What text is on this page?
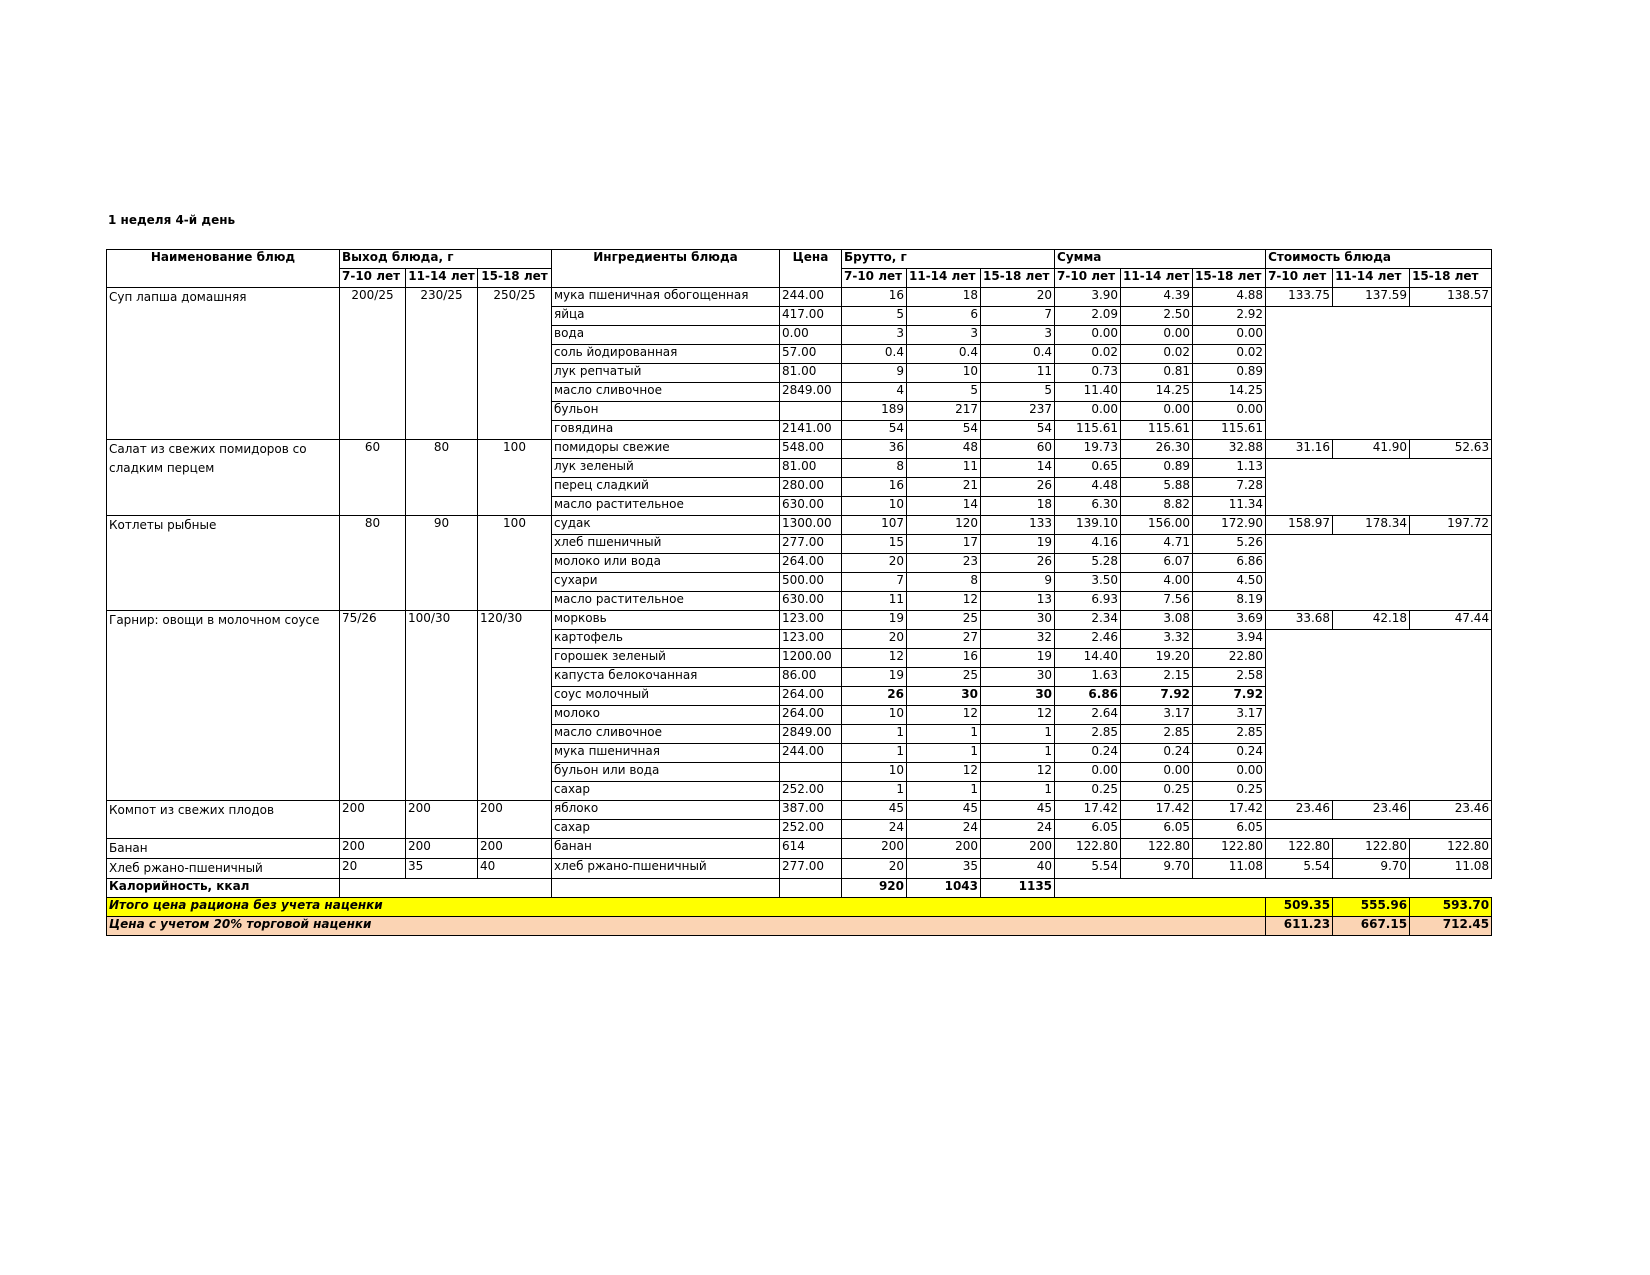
1 неделя 4-й день
Наименование блюд	Выход блюда, г			Ингредиенты блюда	Цена	Брутто, г			Сумма			Стоимость блюда		
	7-10 лет	11-14 лет	15-18 лет			7-10 лет	11-14 лет	15-18 лет	7-10 лет	11-14 лет	15-18 лет	7-10 лет	11-14 лет	15-18 лет
Суп лапша домашняя	200/25	230/25	250/25	мука пшеничная обогощенная	244.00	16	18	20	3.90	4.39	4.88	133.75	137.59	138.57
				яйца	417.00	5	6	7	2.09	2.50	2.92			
				вода	0.00	3	3	3	0.00	0.00	0.00			
				соль йодированная	57.00	0.4	0.4	0.4	0.02	0.02	0.02			
				лук репчатый	81.00	9	10	11	0.73	0.81	0.89			
				масло сливочное	2849.00	4	5	5	11.40	14.25	14.25			
				бульон		189	217	237	0.00	0.00	0.00			
				говядина	2141.00	54	54	54	115.61	115.61	115.61			
Салат из свежих помидоров со сладким перцем	60	80	100	помидоры свежие	548.00	36	48	60	19.73	26.30	32.88	31.16	41.90	52.63
				лук зеленый	81.00	8	11	14	0.65	0.89	1.13			
				перец сладкий	280.00	16	21	26	4.48	5.88	7.28			
				масло растительное	630.00	10	14	18	6.30	8.82	11.34			
Котлеты рыбные	80	90	100	судак	1300.00	107	120	133	139.10	156.00	172.90	158.97	178.34	197.72
				хлеб пшеничный	277.00	15	17	19	4.16	4.71	5.26			
				молоко или вода	264.00	20	23	26	5.28	6.07	6.86			
				сухари	500.00	7	8	9	3.50	4.00	4.50			
				масло растительное	630.00	11	12	13	6.93	7.56	8.19			
Гарнир: овощи в молочном соусе	75/26	100/30	120/30	морковь	123.00	19	25	30	2.34	3.08	3.69	33.68	42.18	47.44
				картофель	123.00	20	27	32	2.46	3.32	3.94			
				горошек зеленый	1200.00	12	16	19	14.40	19.20	22.80			
				капуста белокочанная	86.00	19	25	30	1.63	2.15	2.58			
				соус молочный	264.00	26	30	30	6.86	7.92	7.92			
				молоко	264.00	10	12	12	2.64	3.17	3.17			
				масло сливочное	2849.00	1	1	1	2.85	2.85	2.85			
				мука пшеничная	244.00	1	1	1	0.24	0.24	0.24			
				бульон или вода		10	12	12	0.00	0.00	0.00			
				сахар	252.00	1	1	1	0.25	0.25	0.25			
Компот из свежих плодов	200	200	200	яблоко	387.00	45	45	45	17.42	17.42	17.42	23.46	23.46	23.46
				сахар	252.00	24	24	24	6.05	6.05	6.05			
Банан	200	200	200	банан	614	200	200	200	122.80	122.80	122.80	122.80	122.80	122.80
Хлеб ржано-пшеничный	20	35	40	хлеб ржано-пшеничный	277.00	20	35	40	5.54	9.70	11.08	5.54	9.70	11.08
Калорийность, ккал						920	1043	1135						
Итого цена рациона без учета наценки												509.35	555.96	593.70
Цена с учетом 20% торговой наценки												611.23	667.15	712.45
